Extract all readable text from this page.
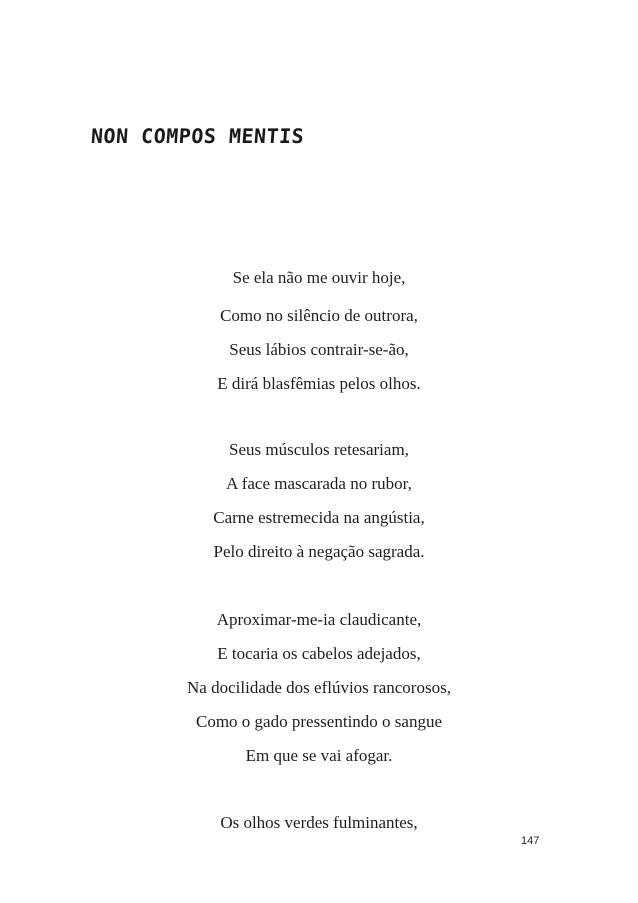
NON COMPOS MENTIS
Se ela não me ouvir hoje,
Como no silêncio de outrora,
Seus lábios contrair-se-ão,
E dirá blasfêmias pelos olhos.
Seus músculos retesariam,
A face mascarada no rubor,
Carne estremecida na angústia,
Pelo direito à negação sagrada.
Aproximar-me-ia claudicante,
E tocaria os cabelos adejados,
Na docilidade dos eflúvios rancorosos,
Como o gado pressentindo o sangue
Em que se vai afogar.
Os olhos verdes fulminantes,
147
